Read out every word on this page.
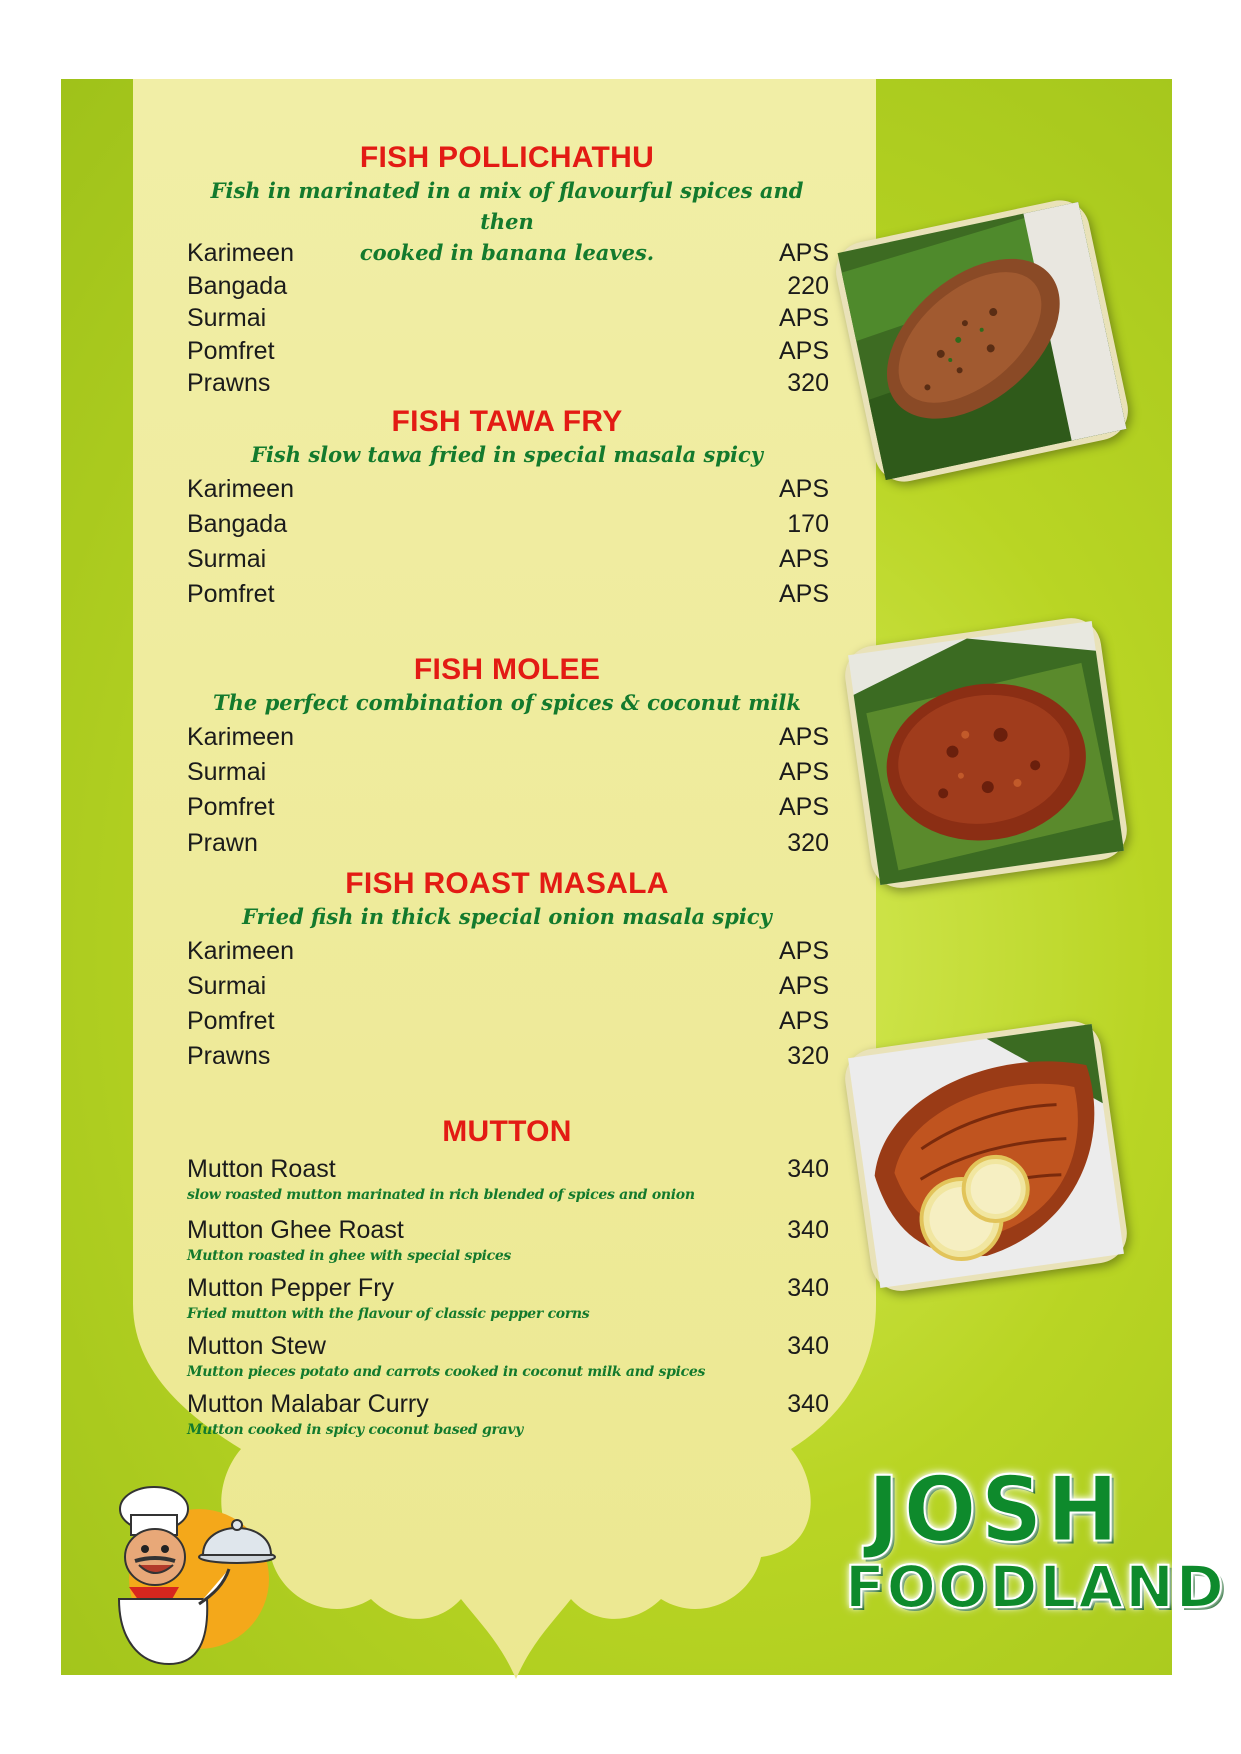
FISH POLLICHATHU
Fish in marinated in a mix of flavourful spices and then
cooked in banana leaves.
Karimeen	APS
Bangada	220
Surmai	APS
Pomfret	APS
Prawns	320
FISH TAWA FRY
Fish slow tawa fried in special masala spicy
Karimeen	APS
Bangada	170
Surmai	APS
Pomfret	APS
FISH MOLEE
The perfect combination of spices & coconut milk
Karimeen	APS
Surmai	APS
Pomfret	APS
Prawn	320
FISH ROAST MASALA
Fried fish in thick special onion masala spicy
Karimeen	APS
Surmai	APS
Pomfret	APS
Prawns	320
MUTTON
Mutton Roast	340
slow roasted mutton marinated in rich blended of spices and onion
Mutton Ghee Roast	340
Mutton roasted in ghee with special spices
Mutton Pepper Fry	340
Fried mutton with the flavour of classic pepper corns
Mutton Stew	340
Mutton pieces potato and carrots cooked in coconut milk and spices
Mutton Malabar Curry	340
Mutton cooked in spicy coconut based gravy
JOSH
FOODLAND
